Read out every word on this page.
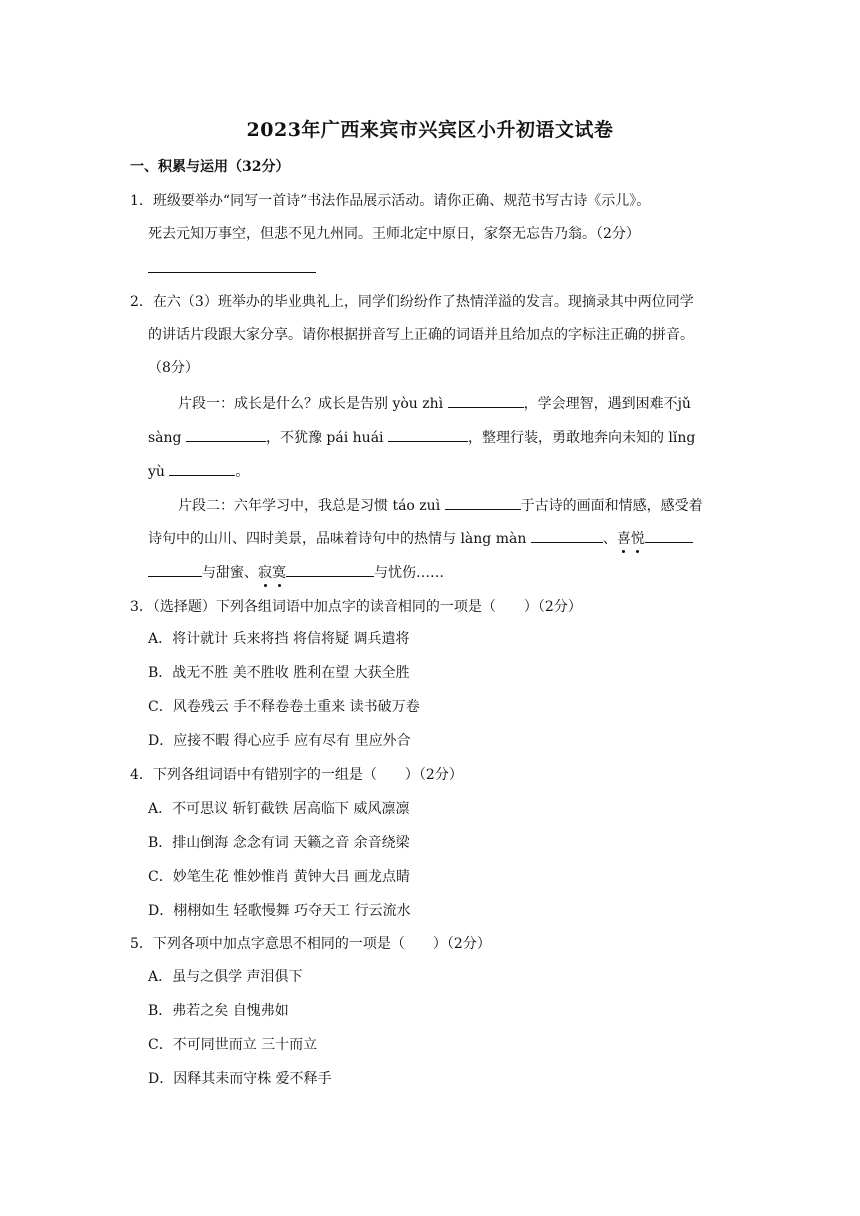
2023年广西来宾市兴宾区小升初语文试卷
一、积累与运用（32分）
1．班级要举办“同写一首诗”书法作品展示活动。请你正确、规范书写古诗《示儿》。
死去元知万事空，但悲不见九州同。王师北定中原日，家祭无忘告乃翁。（2分）
2．在六（3）班举办的毕业典礼上，同学们纷纷作了热情洋溢的发言。现摘录其中两位同学
的讲话片段跟大家分享。请你根据拼音写上正确的词语并且给加点的字标注正确的拼音。
（8分）
片段一：成长是什么？成长是告别 yòu zhì	，学会理智，遇到困难不jǔ
sàng	，不犹豫 pái huái	，整理行装，勇敢地奔向未知的 lǐng
yù	。
片段二：六年学习中，我总是习惯 táo zuì	于古诗的画面和情感，感受着
诗句中的山川、四时美景，品味着诗句中的热情与 làng màn	、喜悦
与甜蜜、寂寞	与忧伤……
3．（选择题）下列各组词语中加点字的读音相同的一项是（　　）（2分）
A．将计就计 兵来将挡 将信将疑 调兵遣将
B．战无不胜 美不胜收 胜利在望 大获全胜
C．风卷残云 手不释卷卷土重来 读书破万卷
D．应接不暇 得心应手 应有尽有 里应外合
4．下列各组词语中有错别字的一组是（　　）（2分）
A．不可思议 斩钉截铁 居高临下 威风凛凛
B．排山倒海 念念有词 天籁之音 余音绕梁
C．妙笔生花 惟妙惟肖 黄钟大吕 画龙点睛
D．栩栩如生 轻歌慢舞 巧夺天工 行云流水
5．下列各项中加点字意思不相同的一项是（　　）（2分）
A．虽与之俱学 声泪俱下
B．弗若之矣 自愧弗如
C．不可同世而立 三十而立
D．因释其耒而守株 爱不释手
